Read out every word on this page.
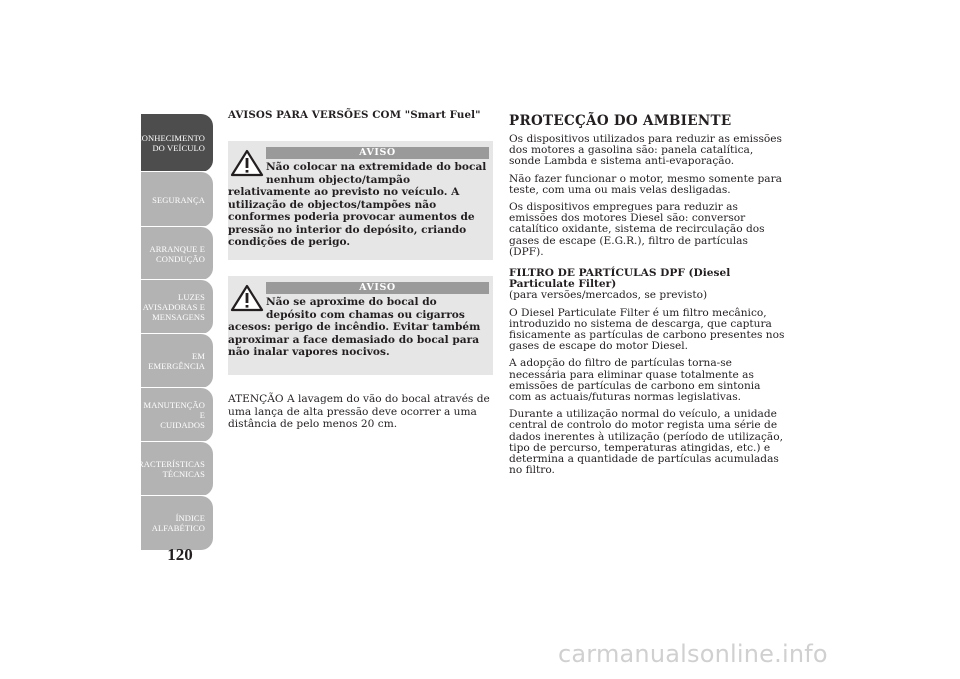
CONHECIMENTO
DO VEÍCULO
SEGURANÇA
ARRANQUE E
CONDUÇÃO
LUZES
AVISADORAS E
MENSAGENS
EM EMERGÊNCIA
MANUTENÇÃO E
CUIDADOS
CARACTERÍSTICAS
TÉCNICAS
ÍNDICE
ALFABÉTICO
120
AVISOS PARA VERSÕES COM "Smart Fuel"
AVISO
Não colocar na extremidade do bocal nenhum objecto/tampão
relativamente ao previsto no veículo. A utilização de objectos/tampões não conformes poderia provocar aumentos de pressão no interior do depósito, criando condições de perigo.
AVISO
Não se aproxime do bocal do depósito com chamas ou cigarros
acesos: perigo de incêndio. Evitar também aproximar a face demasiado do bocal para não inalar vapores nocivos.
ATENÇÃO A lavagem do vão do bocal através de uma lança de alta pressão deve ocorrer a uma distância de pelo menos 20 cm.
PROTECÇÃO DO AMBIENTE

Os dispositivos utilizados para reduzir as emissões dos motores a gasolina são: panela catalítica, sonde Lambda e sistema anti-evaporação.

Não fazer funcionar o motor, mesmo somente para teste, com uma ou mais velas desligadas.

Os dispositivos empregues para reduzir as emissões dos motores Diesel são: conversor catalítico oxidante, sistema de recirculação dos gases de escape (E.G.R.), filtro de partículas (DPF).

FILTRO DE PARTÍCULAS DPF (Diesel Particulate Filter)
(para versões/mercados, se previsto)

O Diesel Particulate Filter é um filtro mecânico, introduzido no sistema de descarga, que captura fisicamente as partículas de carbono presentes nos gases de escape do motor Diesel.

A adopção do filtro de partículas torna-se necessária para eliminar quase totalmente as emissões de partículas de carbono em sintonia com as actuais/futuras normas legislativas.

Durante a utilização normal do veículo, a unidade central de controlo do motor regista uma série de dados inerentes à utilização (período de utilização, tipo de percurso, temperaturas atingidas, etc.) e determina a quantidade de partículas acumuladas no filtro.

carmanualsonline.info
